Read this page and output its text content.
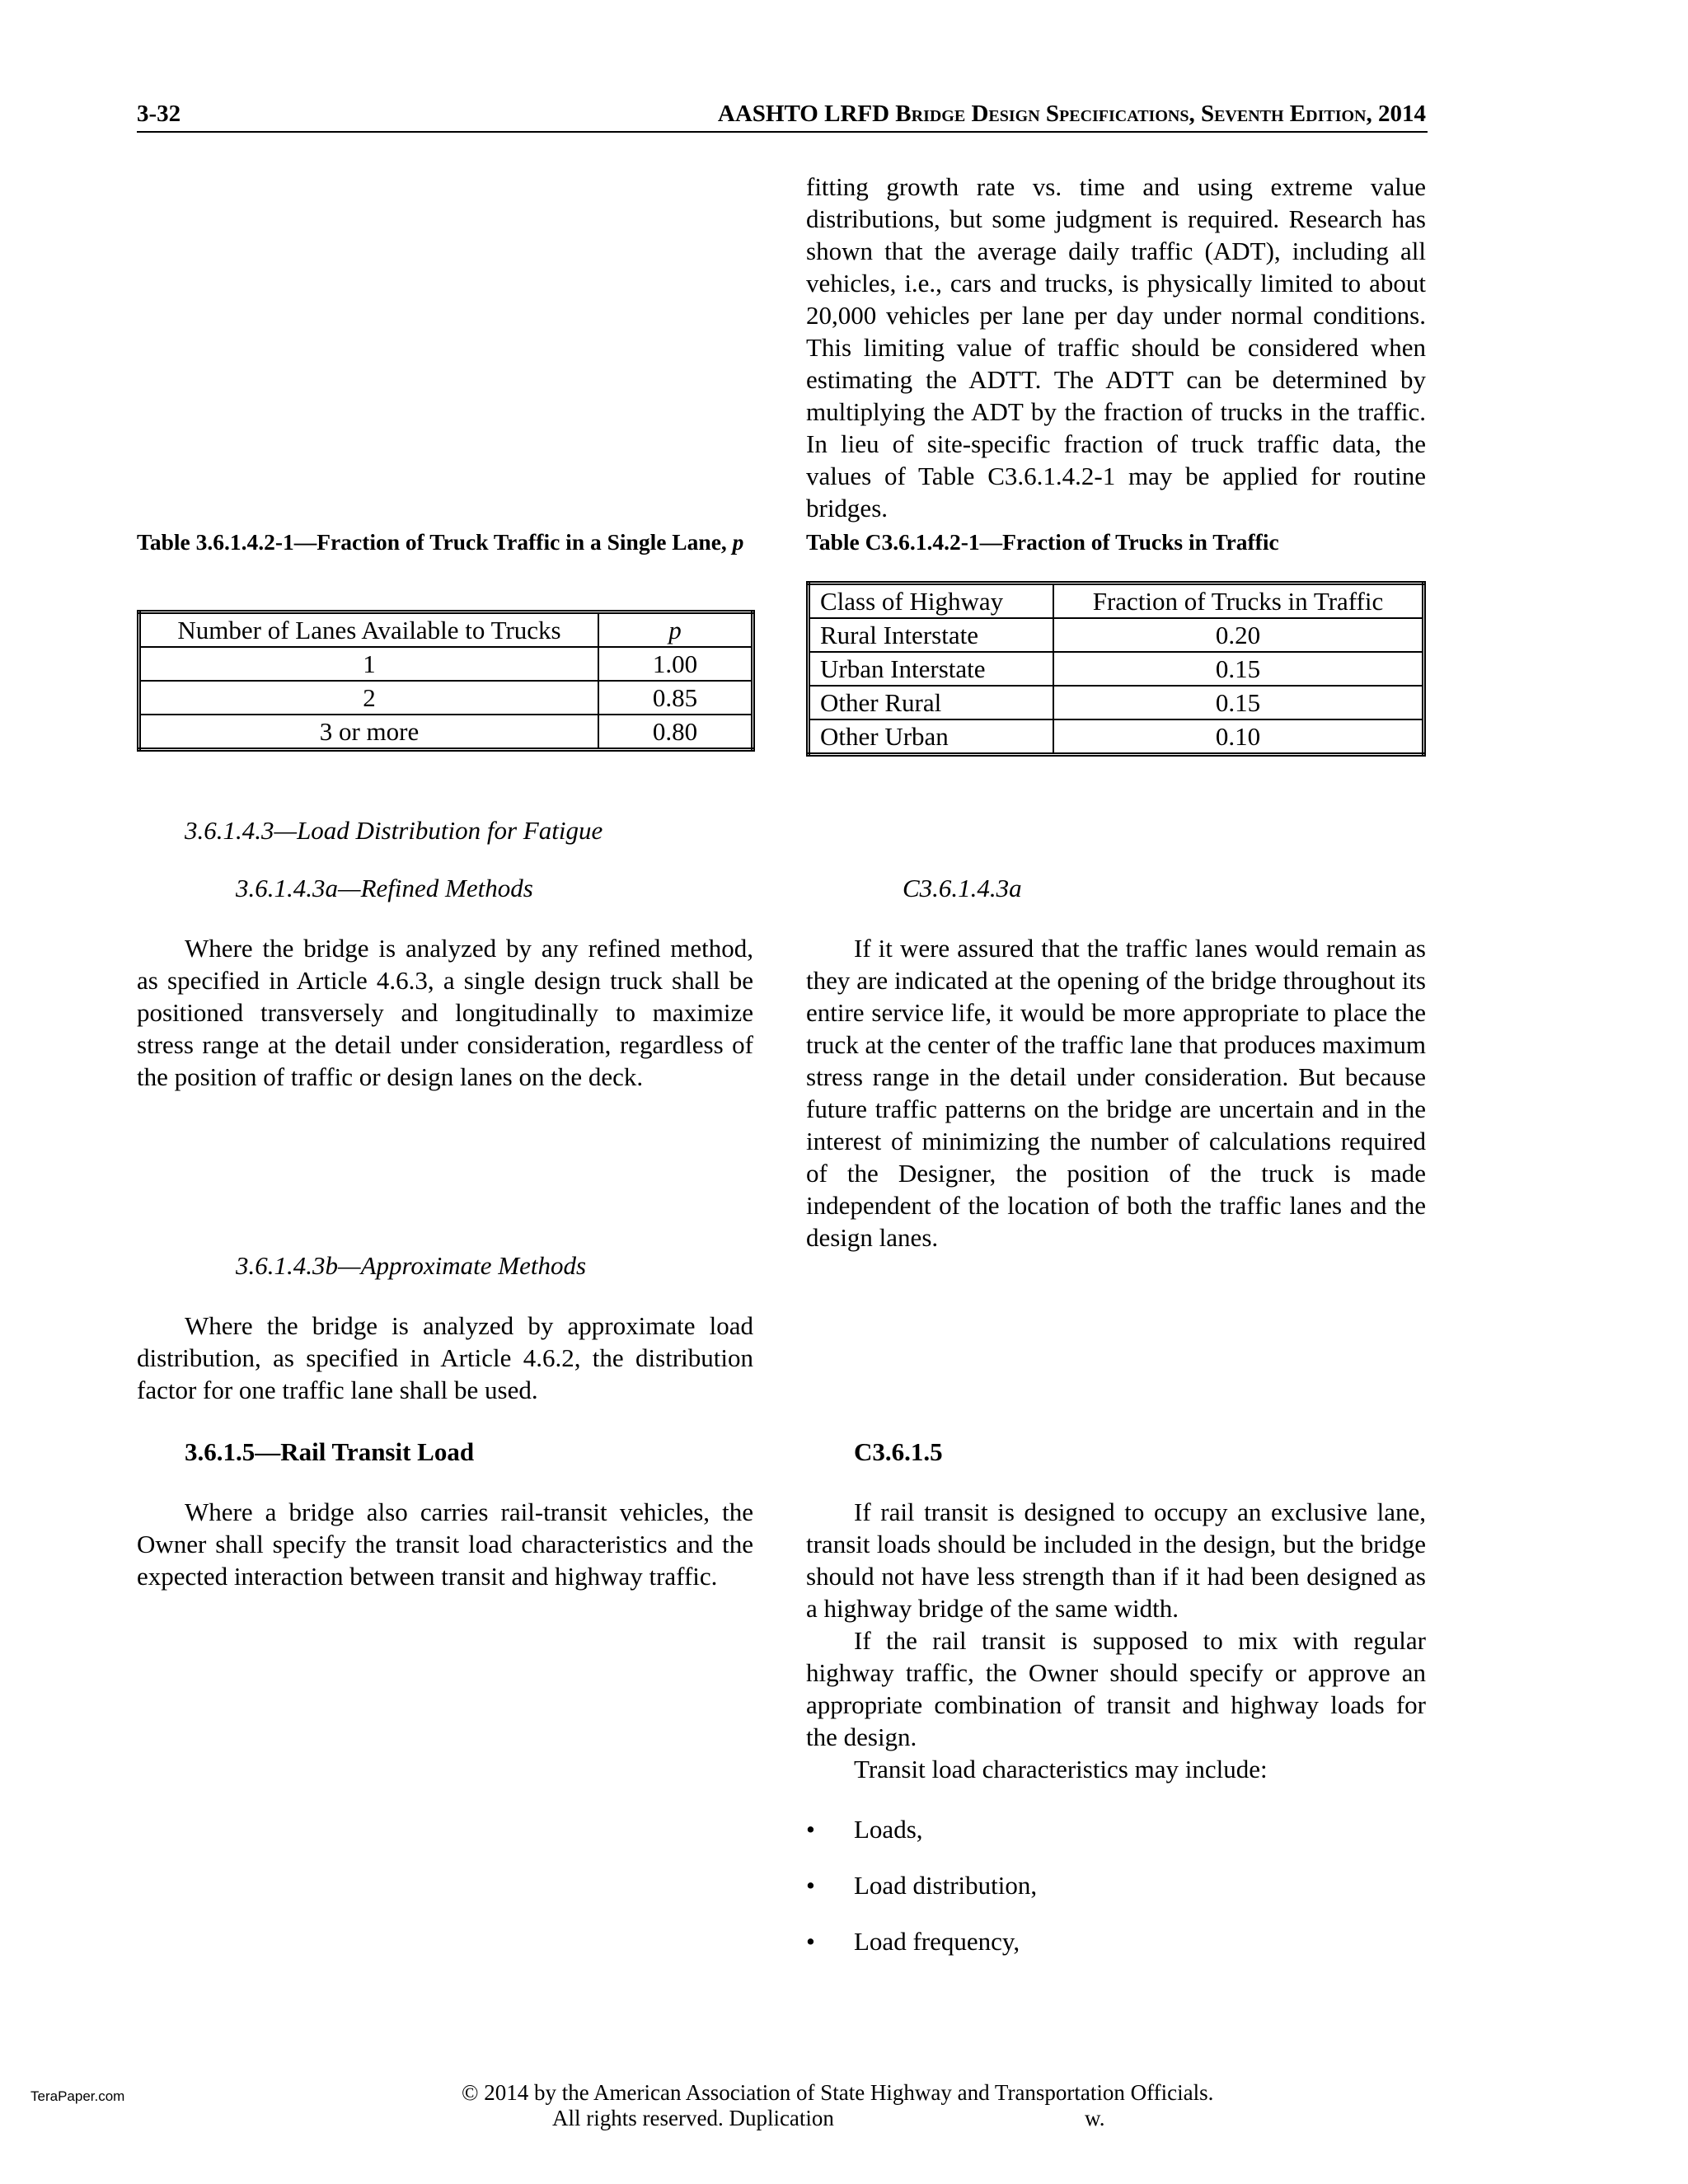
3-32	AASHTO LRFD Bridge Design Specifications, Seventh Edition, 2014

fitting growth rate vs. time and using extreme value distributions, but some judgment is required. Research has shown that the average daily traffic (ADT), including all vehicles, i.e., cars and trucks, is physically limited to about 20,000 vehicles per lane per day under normal conditions. This limiting value of traffic should be considered when estimating the ADTT. The ADTT can be determined by multiplying the ADT by the fraction of trucks in the traffic. In lieu of site-specific fraction of truck traffic data, the values of Table C3.6.1.4.2-1 may be applied for routine bridges.

Table 3.6.1.4.2-1—Fraction of Truck Traffic in a Single Lane, p

Number of Lanes Available to Trucks	p
1	1.00
2	0.85
3 or more	0.80

Table C3.6.1.4.2-1—Fraction of Trucks in Traffic

Class of Highway	Fraction of Trucks in Traffic
Rural Interstate	0.20
Urban Interstate	0.15
Other Rural	0.15
Other Urban	0.10
3.6.1.4.3—Load Distribution for Fatigue
3.6.1.4.3a—Refined Methods	C3.6.1.4.3a

Where the bridge is analyzed by any refined method, as specified in Article 4.6.3, a single design truck shall be positioned transversely and longitudinally to maximize stress range at the detail under consideration, regardless of the position of traffic or design lanes on the deck.

If it were assured that the traffic lanes would remain as they are indicated at the opening of the bridge throughout its entire service life, it would be more appropriate to place the truck at the center of the traffic lane that produces maximum stress range in the detail under consideration. But because future traffic patterns on the bridge are uncertain and in the interest of minimizing the number of calculations required of the Designer, the position of the truck is made independent of the location of both the traffic lanes and the design lanes.

3.6.1.4.3b—Approximate Methods

Where the bridge is analyzed by approximate load distribution, as specified in Article 4.6.2, the distribution factor for one traffic lane shall be used.

3.6.1.5—Rail Transit Load	C3.6.1.5

Where a bridge also carries rail-transit vehicles, the Owner shall specify the transit load characteristics and the expected interaction between transit and highway traffic.

If rail transit is designed to occupy an exclusive lane, transit loads should be included in the design, but the bridge should not have less strength than if it had been designed as a highway bridge of the same width.

If the rail transit is supposed to mix with regular highway traffic, the Owner should specify or approve an appropriate combination of transit and highway loads for the design.

Transit load characteristics may include:

• Loads,
• Load distribution,
• Load frequency,
TeraPaper.com	© 2014 by the American Association of State Highway and Transportation Officials.
All rights reserved. Duplication	w.
